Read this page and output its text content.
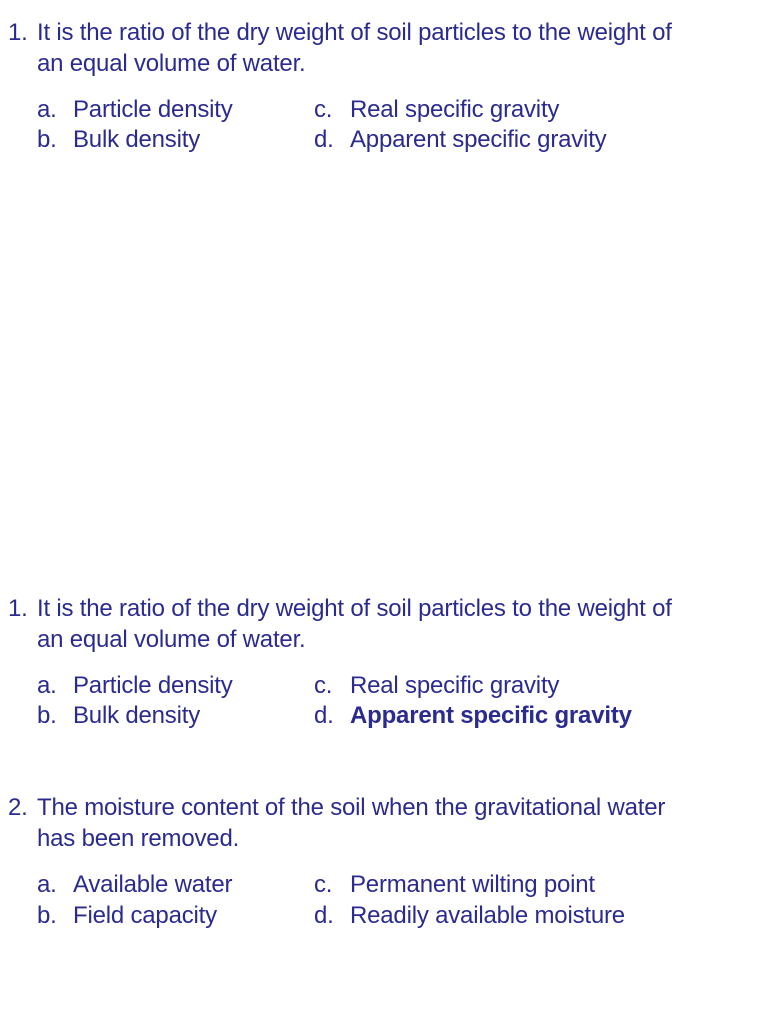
1. It is the ratio of the dry weight of soil particles to the weight of
an equal volume of water.
a. Particle density
b. Bulk density
c. Real specific gravity
d. Apparent specific gravity
1. It is the ratio of the dry weight of soil particles to the weight of
an equal volume of water.
a. Particle density
b. Bulk density
c. Real specific gravity
d. Apparent specific gravity
2. The moisture content of the soil when the gravitational water
has been removed.
a. Available water
b. Field capacity
c. Permanent wilting point
d. Readily available moisture
